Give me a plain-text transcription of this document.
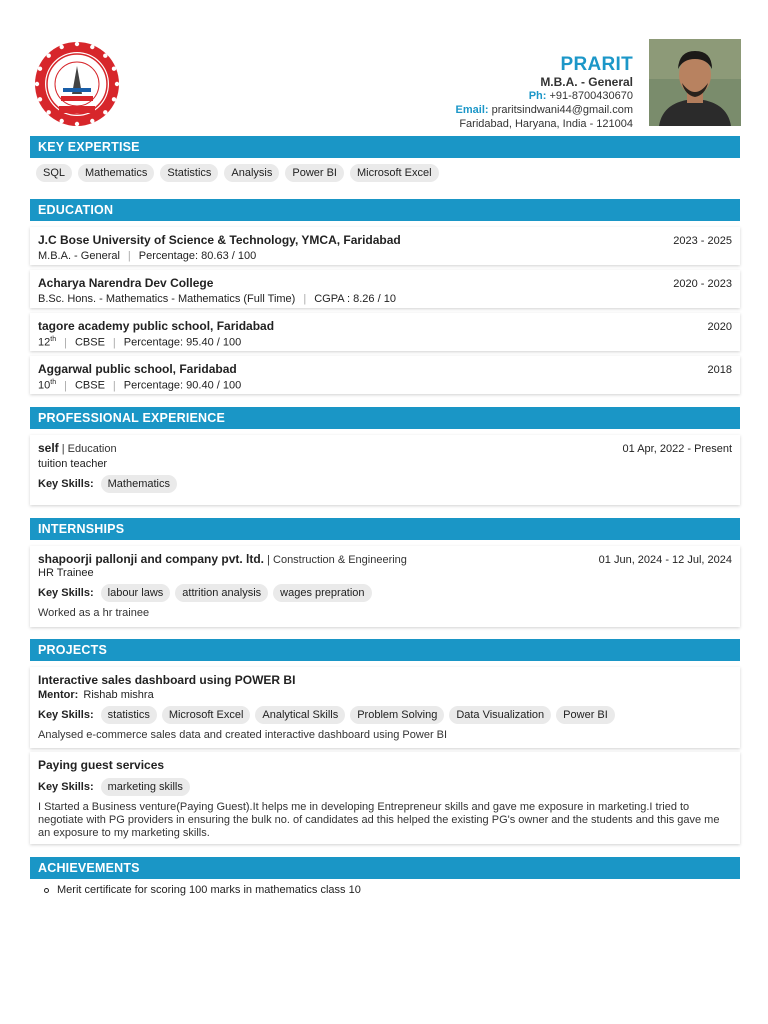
PRARIT
M.B.A. - General
Ph: +91-8700430670
Email: praritsindwani44@gmail.com
Faridabad, Haryana, India - 121004
KEY EXPERTISE
SQL	Mathematics	Statistics	Analysis	Power BI	Microsoft Excel
EDUCATION
J.C Bose University of Science & Technology, YMCA, Faridabad	2023 - 2025
M.B.A. - General | Percentage: 80.63 / 100
Acharya Narendra Dev College	2020 - 2023
B.Sc. Hons. - Mathematics - Mathematics (Full Time) | CGPA : 8.26 / 10
tagore academy public school, Faridabad	2020
12th | CBSE | Percentage: 95.40 / 100
Aggarwal public school, Faridabad	2018
10th | CBSE | Percentage: 90.40 / 100
PROFESSIONAL EXPERIENCE
self | Education	01 Apr, 2022 - Present
tuition teacher
Key Skills:	Mathematics
INTERNSHIPS
shapoorji pallonji and company pvt. ltd. | Construction & Engineering	01 Jun, 2024 - 12 Jul, 2024
HR Trainee
Key Skills:	labour laws	attrition analysis	wages prepration
Worked as a hr trainee
PROJECTS
Interactive sales dashboard using POWER BI
Mentor: Rishab mishra
Key Skills:	statistics	Microsoft Excel	Analytical Skills	Problem Solving	Data Visualization	Power BI
Analysed e-commerce sales data and created interactive dashboard using Power BI
Paying guest services
Key Skills:	marketing skills
I Started a Business venture(Paying Guest).It helps me in developing Entrepreneur skills and gave me exposure in marketing.I tried to negotiate with PG providers in ensuring the bulk no. of candidates ad this helped the existing PG's owner and the students and this gave me an exposure to my marketing skills.
ACHIEVEMENTS
Merit certificate for scoring 100 marks in mathematics class 10
